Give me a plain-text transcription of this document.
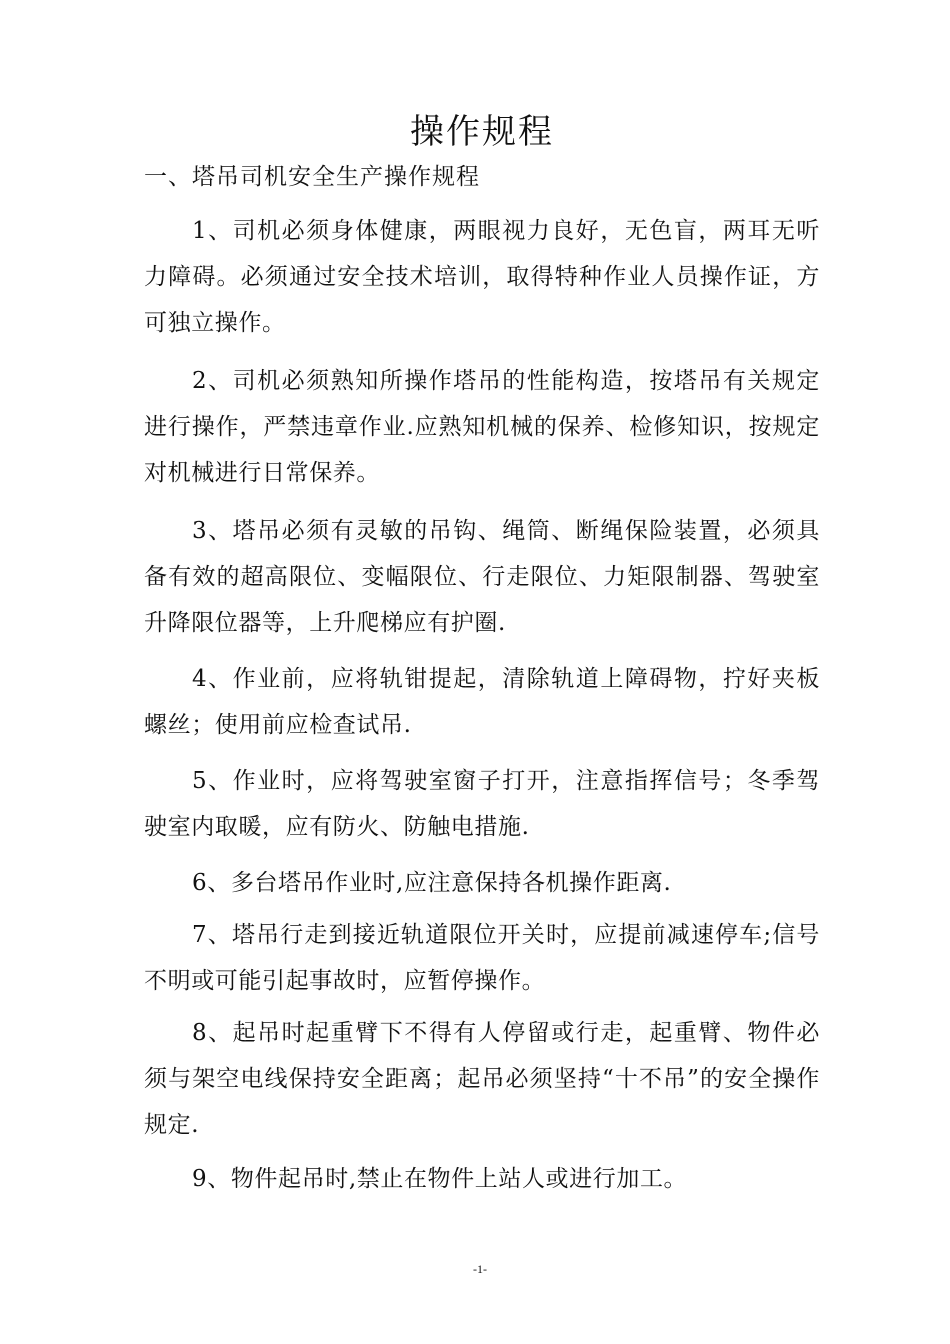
操作规程
一、塔吊司机安全生产操作规程

1、司机必须身体健康，两眼视力良好，无色盲，两耳无听力障碍。必须通过安全技术培训，取得特种作业人员操作证，方可独立操作。

2、司机必须熟知所操作塔吊的性能构造，按塔吊有关规定进行操作，严禁违章作业.应熟知机械的保养、检修知识，按规定对机械进行日常保养。

3、塔吊必须有灵敏的吊钩、绳筒、断绳保险装置，必须具备有效的超高限位、变幅限位、行走限位、力矩限制器、驾驶室升降限位器等，上升爬梯应有护圈.

4、作业前，应将轨钳提起，清除轨道上障碍物，拧好夹板螺丝；使用前应检查试吊.

5、作业时，应将驾驶室窗子打开，注意指挥信号；冬季驾驶室内取暖，应有防火、防触电措施.

6、多台塔吊作业时,应注意保持各机操作距离.

7、塔吊行走到接近轨道限位开关时，应提前减速停车;信号不明或可能引起事故时，应暂停操作。

8、起吊时起重臂下不得有人停留或行走，起重臂、物件必须与架空电线保持安全距离；起吊必须坚持“十不吊”的安全操作规定.

9、物件起吊时,禁止在物件上站人或进行加工。

-1-
